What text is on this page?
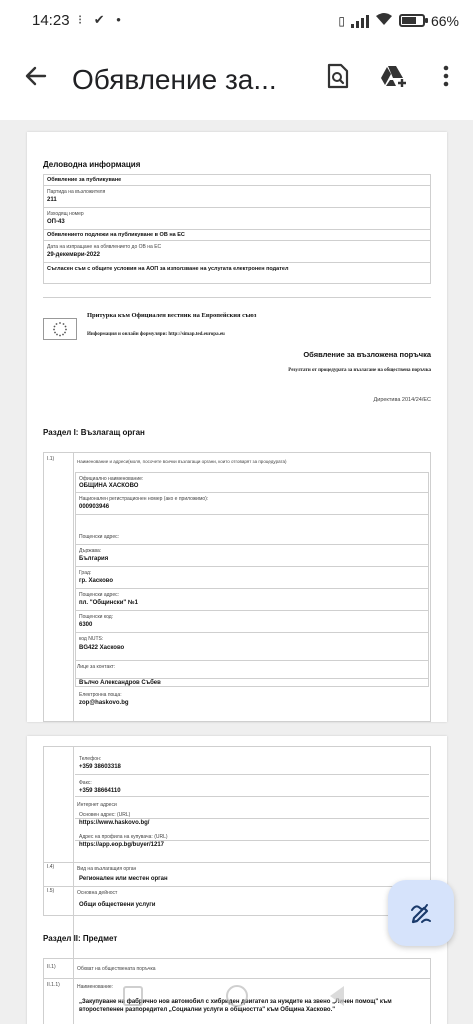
14:23 ⁝ ✔ •	▯	66%
Обявление за...
Деловодна информация
Обявление за публикуване
Партида на възложителя
211
Изходящ номер
ОП-43
Обявлението подлежи на публикуване в ОВ на ЕС
Дата на изпращане на обявлението до ОВ на ЕС
29-декември-2022
Съгласен съм с общите условия на АОП за използване на услугата електронен подател
Притурка към Официален вестник на Европейския съюз
Информация и онлайн формуляри: http://simap.ted.europa.eu
Обявление за възложена поръчка
Резултати от процедурата за възлагане на обществена поръчка
Директива 2014/24/ЕС
Раздел I: Възлагащ орган
I.1)	Наименование и адреси(моля, посочете всички възлагащи органи, които отговарят за процедурата)
Официално наименование:
ОБЩИНА ХАСКОВО
Национален регистрационен номер (ако е приложимо):
000903946
Пощенски адрес:
Държава:
България
Град:
гр. Хасково
Пощенски адрес:
пл. "Общински" №1
Пощенски код:
6300
код NUTS:
BG422 Хасково
Лице за контакт:
Вълчо Александров Събев
Електронна поща:
zop@haskovo.bg
Телефон:
+359 38603318
Факс:
+359 38664110
Интернет адреси
Основен адрес: (URL)
https://www.haskovo.bg/
Адрес на профила на купувача: (URL)
https://app.eop.bg/buyer/1217
I.4)	Вид на възлагащия орган
Регионален или местен орган
I.5)	Основна дейност
Общи обществени услуги
Раздел II: Предмет
II.1)	Обхват на обществената поръчка
II.1.1)	Наименование:
„Закупуване на фабрично нов автомобил с хибриден двигател за нуждите на звено „Личен помощ" към второстепенен разпоредител „Социални услуги в общността" към Община Хасково."
